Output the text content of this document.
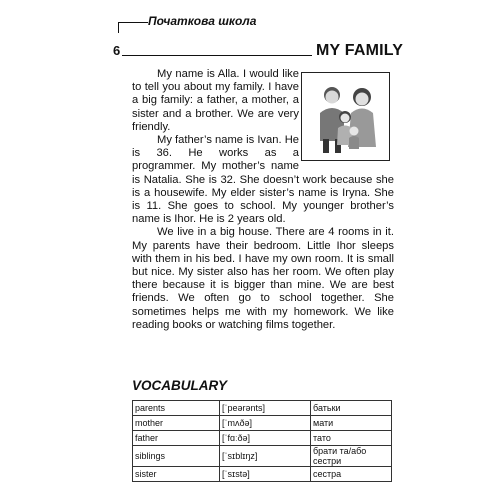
Початкова школа
6	MY FAMILY

My name is Alla. I would like to tell you about my family. I have a big family: a father, a mother, a sister and a brother. We are very friendly.

My father’s name is Ivan. He is 36. He works as a programmer. My mother’s name is Natalia. She is 32. She doesn’t work because she is a housewife. My elder sister’s name is Iryna. She is 11. She goes to school. My younger brother’s name is Ihor. He is 2 years old.

We live in a big house. There are 4 rooms in it. My parents have their bedroom. Little Ihor sleeps with them in his bed. I have my own room. It is small but nice. My sister also has her room. We often play there because it is bigger than mine. We are best friends. We often go to school together. She sometimes helps me with my homework. We like reading books or watching films together.

VOCABULARY
parents	[ˈpeərənts]	батьки
mother	[ˈmʌðə]	мати
father	[ˈfɑːðə]	тато
siblings	[ˈsɪblɪŋz]	брати та/або сестри
sister	[ˈsɪstə]	сестра
